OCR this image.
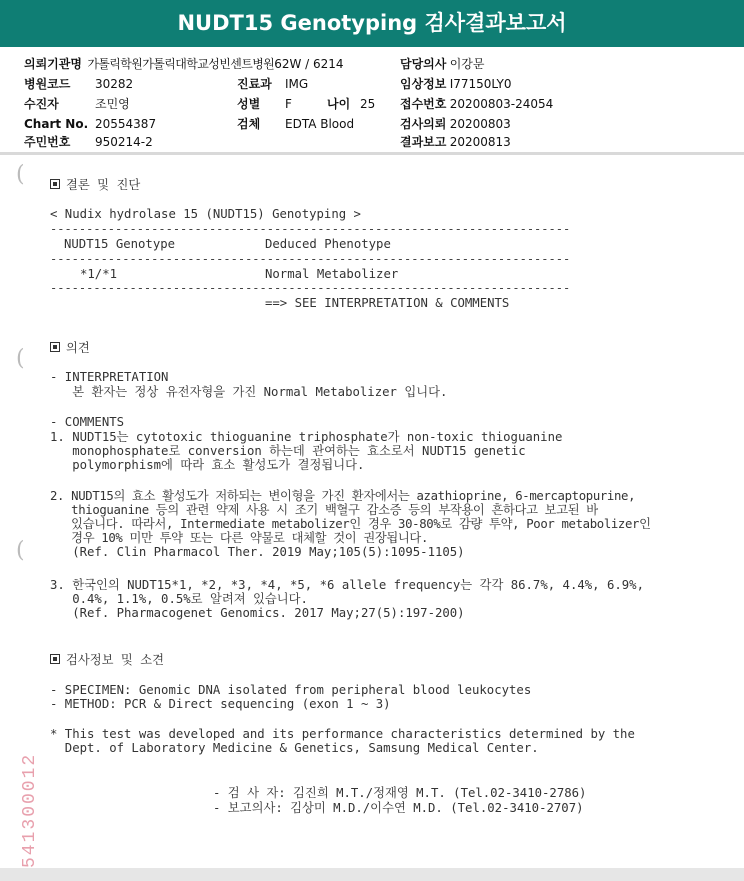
NUDT15 Genotyping 검사결과보고서
의뢰기관명 가톨릭학원가톨릭대학교성빈센트병원62W / 6214	담당의사 이강문
병원코드 30282	진료과 IMG	임상정보 I77150LY0
수진자	조민영	성별 F	나이 25 접수번호 20200803-24054
Chart No. 20554387	검체 EDTA Blood	검사의뢰 20200803
주민번호 950214-2	결과보고 20200813
(
(
(
결론 및 진단
< Nudix hydrolase 15 (NUDT15) Genotyping >
------------------------------------------------------------------------
NUDT15 Genotype	Deduced Phenotype
------------------------------------------------------------------------
*1/*1	Normal Metabolizer
------------------------------------------------------------------------
==> SEE INTERPRETATION & COMMENTS
의견
- INTERPRETATION
본 환자는 정상 유전자형을 가진 Normal Metabolizer 입니다.
- COMMENTS
1. NUDT15는 cytotoxic thioguanine triphosphate가 non-toxic thioguanine
monophosphate로 conversion 하는데 관여하는 효소로서 NUDT15 genetic
polymorphism에 따라 효소 활성도가 결정됩니다.
2. NUDT15의 효소 활성도가 저하되는 변이형을 가진 환자에서는 azathioprine, 6-mercaptopurine,
thioguanine 등의 관련 약제 사용 시 조기 백혈구 감소증 등의 부작용이 흔하다고 보고된 바
있습니다. 따라서, Intermediate metabolizer인 경우 30-80%로 감량 투약, Poor metabolizer인
경우 10% 미만 투약 또는 다른 약물로 대체할 것이 권장됩니다.
(Ref. Clin Pharmacol Ther. 2019 May;105(5):1095-1105)
3. 한국인의 NUDT15*1, *2, *3, *4, *5, *6 allele frequency는 각각 86.7%, 4.4%, 6.9%,
0.4%, 1.1%, 0.5%로 알려져 있습니다.
(Ref. Pharmacogenet Genomics. 2017 May;27(5):197-200)
검사정보 및 소견
- SPECIMEN: Genomic DNA isolated from peripheral blood leukocytes
- METHOD: PCR & Direct sequencing (exon 1 ~ 3)
* This test was developed and its performance characteristics determined by the
Dept. of Laboratory Medicine & Genetics, Samsung Medical Center.
- 검 사 자: 김진희 M.T./정재영 M.T. (Tel.02-3410-2786)
- 보고의사: 김상미 M.D./이수연 M.D. (Tel.02-3410-2707)
541300012
